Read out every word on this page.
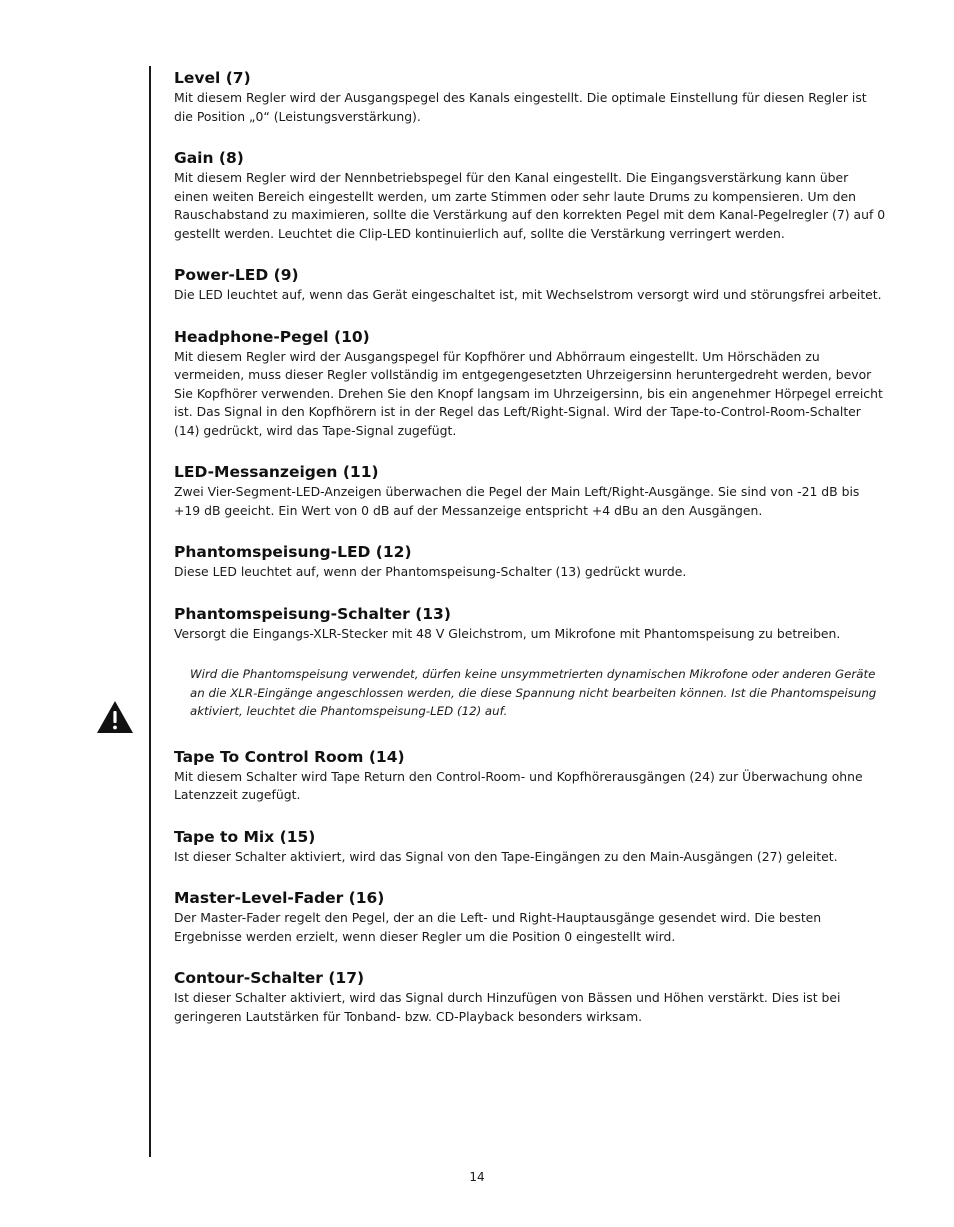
Level (7)

Mit diesem Regler wird der Ausgangspegel des Kanals eingestellt. Die optimale Einstellung für diesen Regler ist die Position „0“ (Leistungsverstärkung).

Gain (8)

Mit diesem Regler wird der Nennbetriebspegel für den Kanal eingestellt. Die Eingangsverstärkung kann über einen weiten Bereich eingestellt werden, um zarte Stimmen oder sehr laute Drums zu kompensieren. Um den Rauschabstand zu maximieren, sollte die Verstärkung auf den korrekten Pegel mit dem Kanal-Pegelregler (7) auf 0 gestellt werden. Leuchtet die Clip-LED kontinuierlich auf, sollte die Verstärkung verringert werden.

Power-LED (9)

Die LED leuchtet auf, wenn das Gerät eingeschaltet ist, mit Wechselstrom versorgt wird und störungsfrei arbeitet.

Headphone-Pegel (10)

Mit diesem Regler wird der Ausgangspegel für Kopfhörer und Abhörraum eingestellt. Um Hörschäden zu vermeiden, muss dieser Regler vollständig im entgegengesetzten Uhrzeigersinn heruntergedreht werden, bevor Sie Kopfhörer verwenden. Drehen Sie den Knopf langsam im Uhrzeigersinn, bis ein angenehmer Hörpegel erreicht ist. Das Signal in den Kopfhörern ist in der Regel das Left/Right-Signal. Wird der Tape-to-Control-Room-Schalter (14) gedrückt, wird das Tape-Signal zugefügt.

LED-Messanzeigen (11)

Zwei Vier-Segment-LED-Anzeigen überwachen die Pegel der Main Left/Right-Ausgänge. Sie sind von -21 dB bis +19 dB geeicht. Ein Wert von 0 dB auf der Messanzeige entspricht +4 dBu an den Ausgängen.

Phantomspeisung-LED (12)

Diese LED leuchtet auf, wenn der Phantomspeisung-Schalter (13) gedrückt wurde.

Phantomspeisung-Schalter (13)

Versorgt die Eingangs-XLR-Stecker mit 48 V Gleichstrom, um Mikrofone mit Phantomspeisung zu betreiben.

Wird die Phantomspeisung verwendet, dürfen keine unsymmetrierten dynamischen Mikrofone oder anderen Geräte an die XLR-Eingänge angeschlossen werden, die diese Spannung nicht bearbeiten können. Ist die Phantomspeisung aktiviert, leuchtet die Phantomspeisung-LED (12) auf.

Tape To Control Room (14)

Mit diesem Schalter wird Tape Return den Control-Room- und Kopfhörerausgängen (24) zur Überwachung ohne Latenzzeit zugefügt.

Tape to Mix (15)

Ist dieser Schalter aktiviert, wird das Signal von den Tape-Eingängen zu den Main-Ausgängen (27) geleitet.

Master-Level-Fader (16)

Der Master-Fader regelt den Pegel, der an die Left- und Right-Hauptausgänge gesendet wird. Die besten Ergebnisse werden erzielt, wenn dieser Regler um die Position 0 eingestellt wird.

Contour-Schalter (17)

Ist dieser Schalter aktiviert, wird das Signal durch Hinzufügen von Bässen und Höhen verstärkt. Dies ist bei geringeren Lautstärken für Tonband- bzw. CD-Playback besonders wirksam.

14
